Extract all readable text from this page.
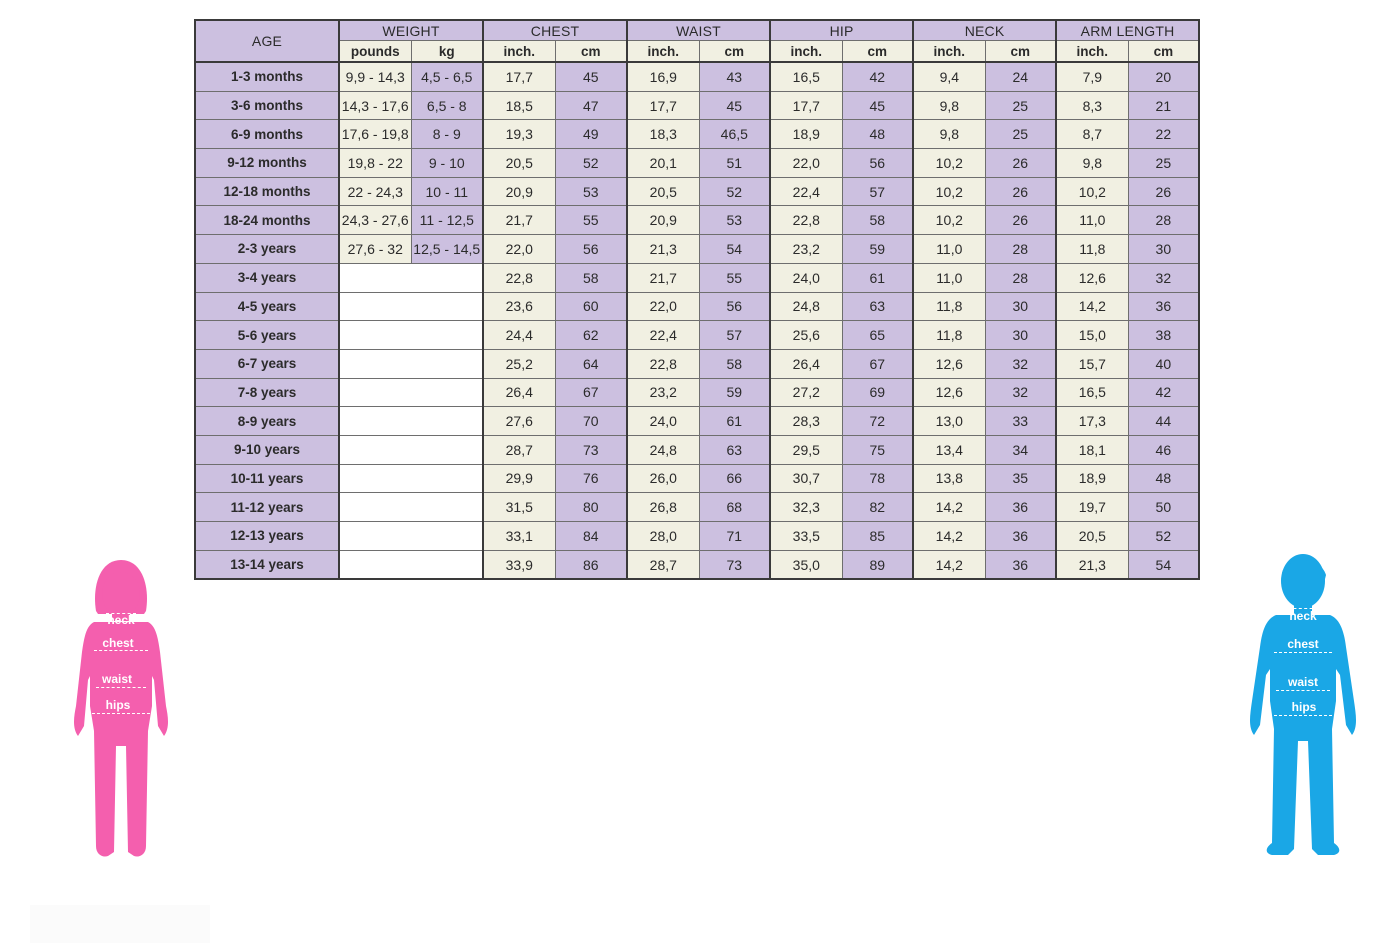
AGE	WEIGHT		CHEST		WAIST		HIP		NECK		ARM LENGTH	
	pounds	kg	inch.	cm	inch.	cm	inch.	cm	inch.	cm	inch.	cm
1-3 months	9,9 - 14,3	4,5 - 6,5	17,7	45	16,9	43	16,5	42	9,4	24	7,9	20
3-6 months	14,3 - 17,6	6,5 - 8	18,5	47	17,7	45	17,7	45	9,8	25	8,3	21
6-9 months	17,6 - 19,8	8 - 9	19,3	49	18,3	46,5	18,9	48	9,8	25	8,7	22
9-12 months	19,8 - 22	9 - 10	20,5	52	20,1	51	22,0	56	10,2	26	9,8	25
12-18 months	22 - 24,3	10 - 11	20,9	53	20,5	52	22,4	57	10,2	26	10,2	26
18-24 months	24,3 - 27,6	11 - 12,5	21,7	55	20,9	53	22,8	58	10,2	26	11,0	28
2-3 years	27,6 - 32	12,5 - 14,5	22,0	56	21,3	54	23,2	59	11,0	28	11,8	30
3-4 years			22,8	58	21,7	55	24,0	61	11,0	28	12,6	32
4-5 years			23,6	60	22,0	56	24,8	63	11,8	30	14,2	36
5-6 years			24,4	62	22,4	57	25,6	65	11,8	30	15,0	38
6-7 years			25,2	64	22,8	58	26,4	67	12,6	32	15,7	40
7-8 years			26,4	67	23,2	59	27,2	69	12,6	32	16,5	42
8-9 years			27,6	70	24,0	61	28,3	72	13,0	33	17,3	44
9-10 years			28,7	73	24,8	63	29,5	75	13,4	34	18,1	46
10-11 years			29,9	76	26,0	66	30,7	78	13,8	35	18,9	48
11-12 years			31,5	80	26,8	68	32,3	82	14,2	36	19,7	50
12-13 years			33,1	84	28,0	71	33,5	85	14,2	36	20,5	52
13-14 years			33,9	86	28,7	73	35,0	89	14,2	36	21,3	54
neck
chest
waist
hips
neck
chest
waist
hips
